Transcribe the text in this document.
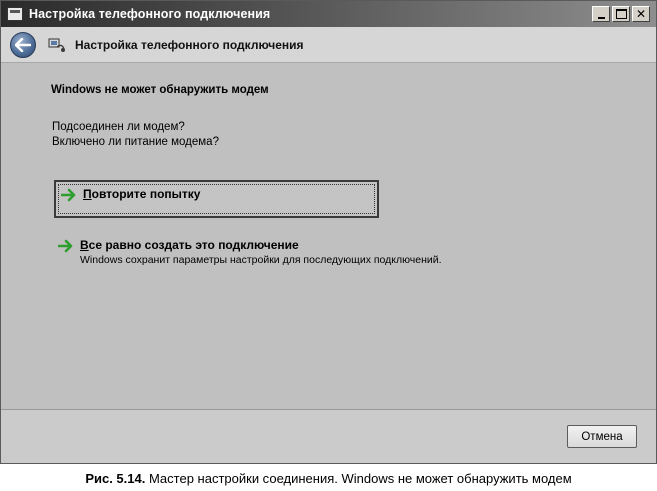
Настройка телефонного подключения	✕
Настройка телефонного подключения
Windows не может обнаружить модем
Подсоединен ли модем?
Включено ли питание модема?
Повторите попытку
Все равно создать это подключение
Windows сохранит параметры настройки для последующих подключений.
Отмена
Рис. 5.14. Мастер настройки соединения. Windows не может обнаружить модем
